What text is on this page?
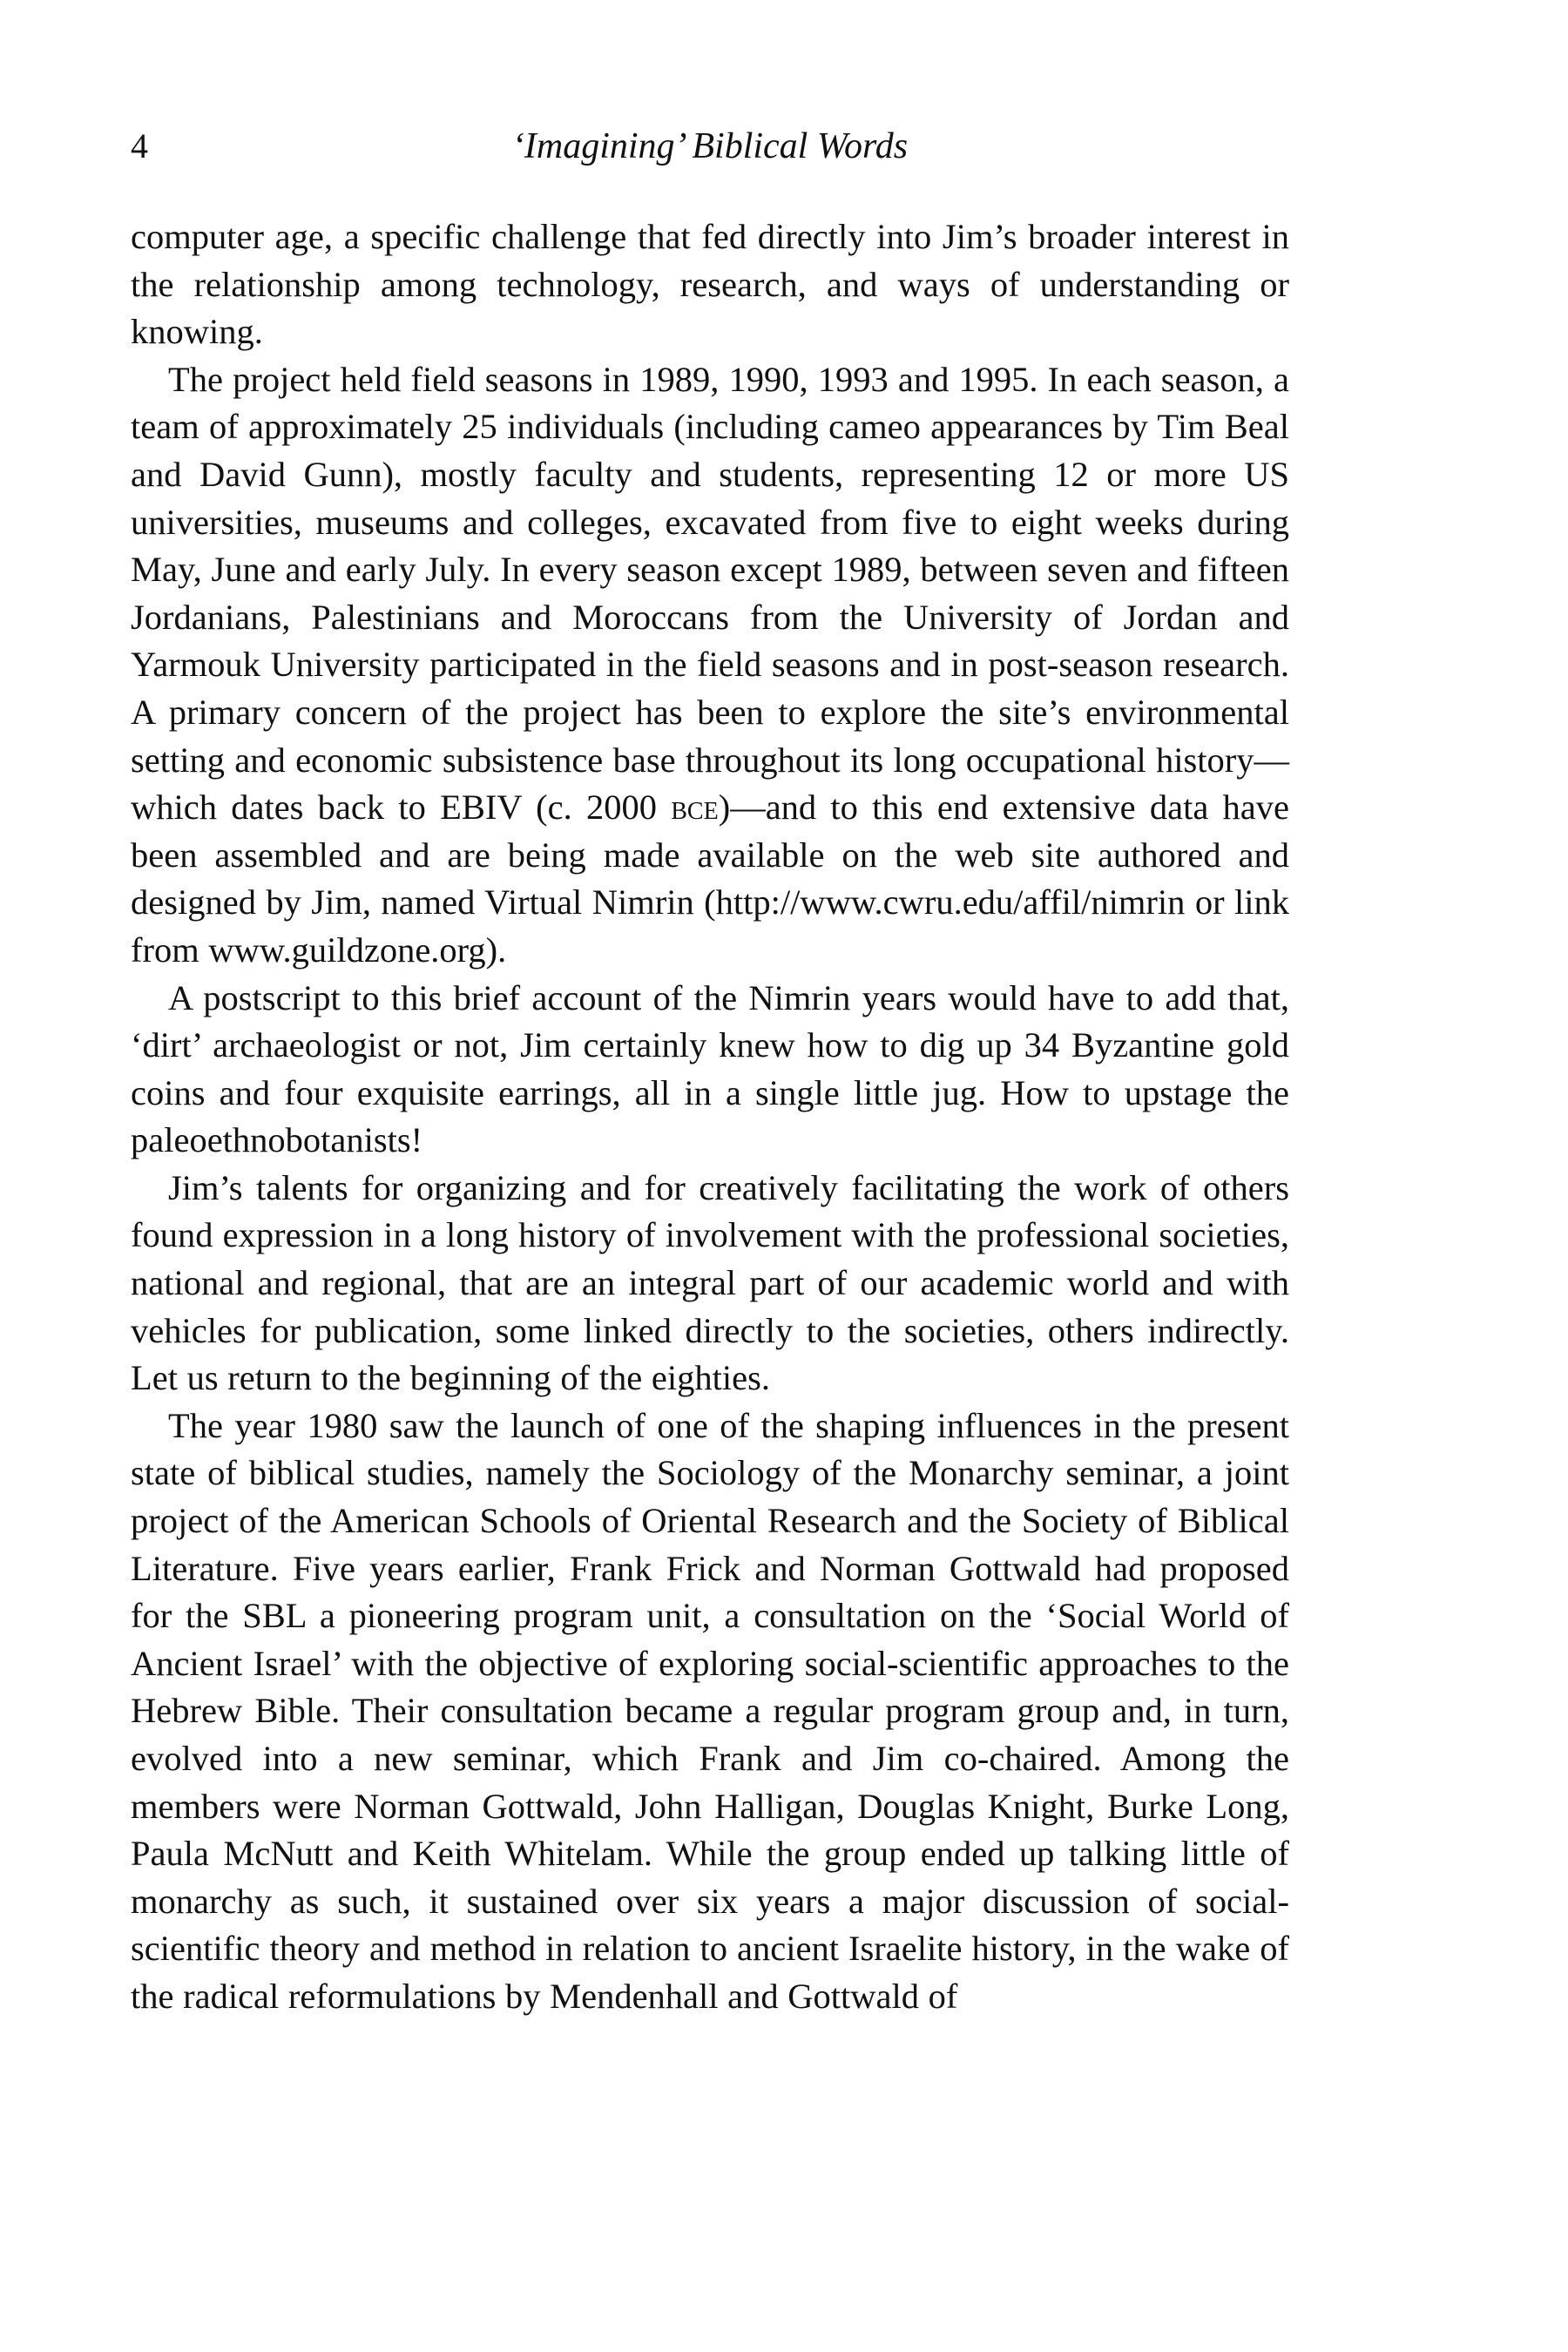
4	‘Imagining’ Biblical Words

computer age, a specific challenge that fed directly into Jim’s broader interest in the relationship among technology, research, and ways of understanding or knowing.

The project held field seasons in 1989, 1990, 1993 and 1995. In each season, a team of approximately 25 individuals (including cameo appearances by Tim Beal and David Gunn), mostly faculty and students, representing 12 or more US universities, museums and colleges, excavated from five to eight weeks during May, June and early July. In every season except 1989, between seven and fifteen Jordanians, Palestinians and Moroccans from the University of Jordan and Yarmouk University participated in the field seasons and in post-season research. A primary concern of the project has been to explore the site’s environmental setting and economic subsistence base throughout its long occupational history—which dates back to EBIV (c. 2000 bce)—and to this end extensive data have been assembled and are being made available on the web site authored and designed by Jim, named Virtual Nimrin (http://www.cwru.edu/affil/nimrin or link from www.guildzone.org).

A postscript to this brief account of the Nimrin years would have to add that, ‘dirt’ archaeologist or not, Jim certainly knew how to dig up 34 Byzantine gold coins and four exquisite earrings, all in a single little jug. How to upstage the paleoethnobotanists!

Jim’s talents for organizing and for creatively facilitating the work of others found expression in a long history of involvement with the professional societies, national and regional, that are an integral part of our academic world and with vehicles for publication, some linked directly to the societies, others indirectly. Let us return to the beginning of the eighties.

The year 1980 saw the launch of one of the shaping influences in the present state of biblical studies, namely the Sociology of the Monarchy seminar, a joint project of the American Schools of Oriental Research and the Society of Biblical Literature. Five years earlier, Frank Frick and Norman Gottwald had proposed for the SBL a pioneering program unit, a consultation on the ‘Social World of Ancient Israel’ with the objective of exploring social-scientific approaches to the Hebrew Bible. Their consultation became a regular program group and, in turn, evolved into a new seminar, which Frank and Jim co-chaired. Among the members were Norman Gottwald, John Halligan, Douglas Knight, Burke Long, Paula McNutt and Keith Whitelam. While the group ended up talking little of monarchy as such, it sustained over six years a major discussion of social-scientific theory and method in relation to ancient Israelite history, in the wake of the radical reformulations by Mendenhall and Gottwald of
